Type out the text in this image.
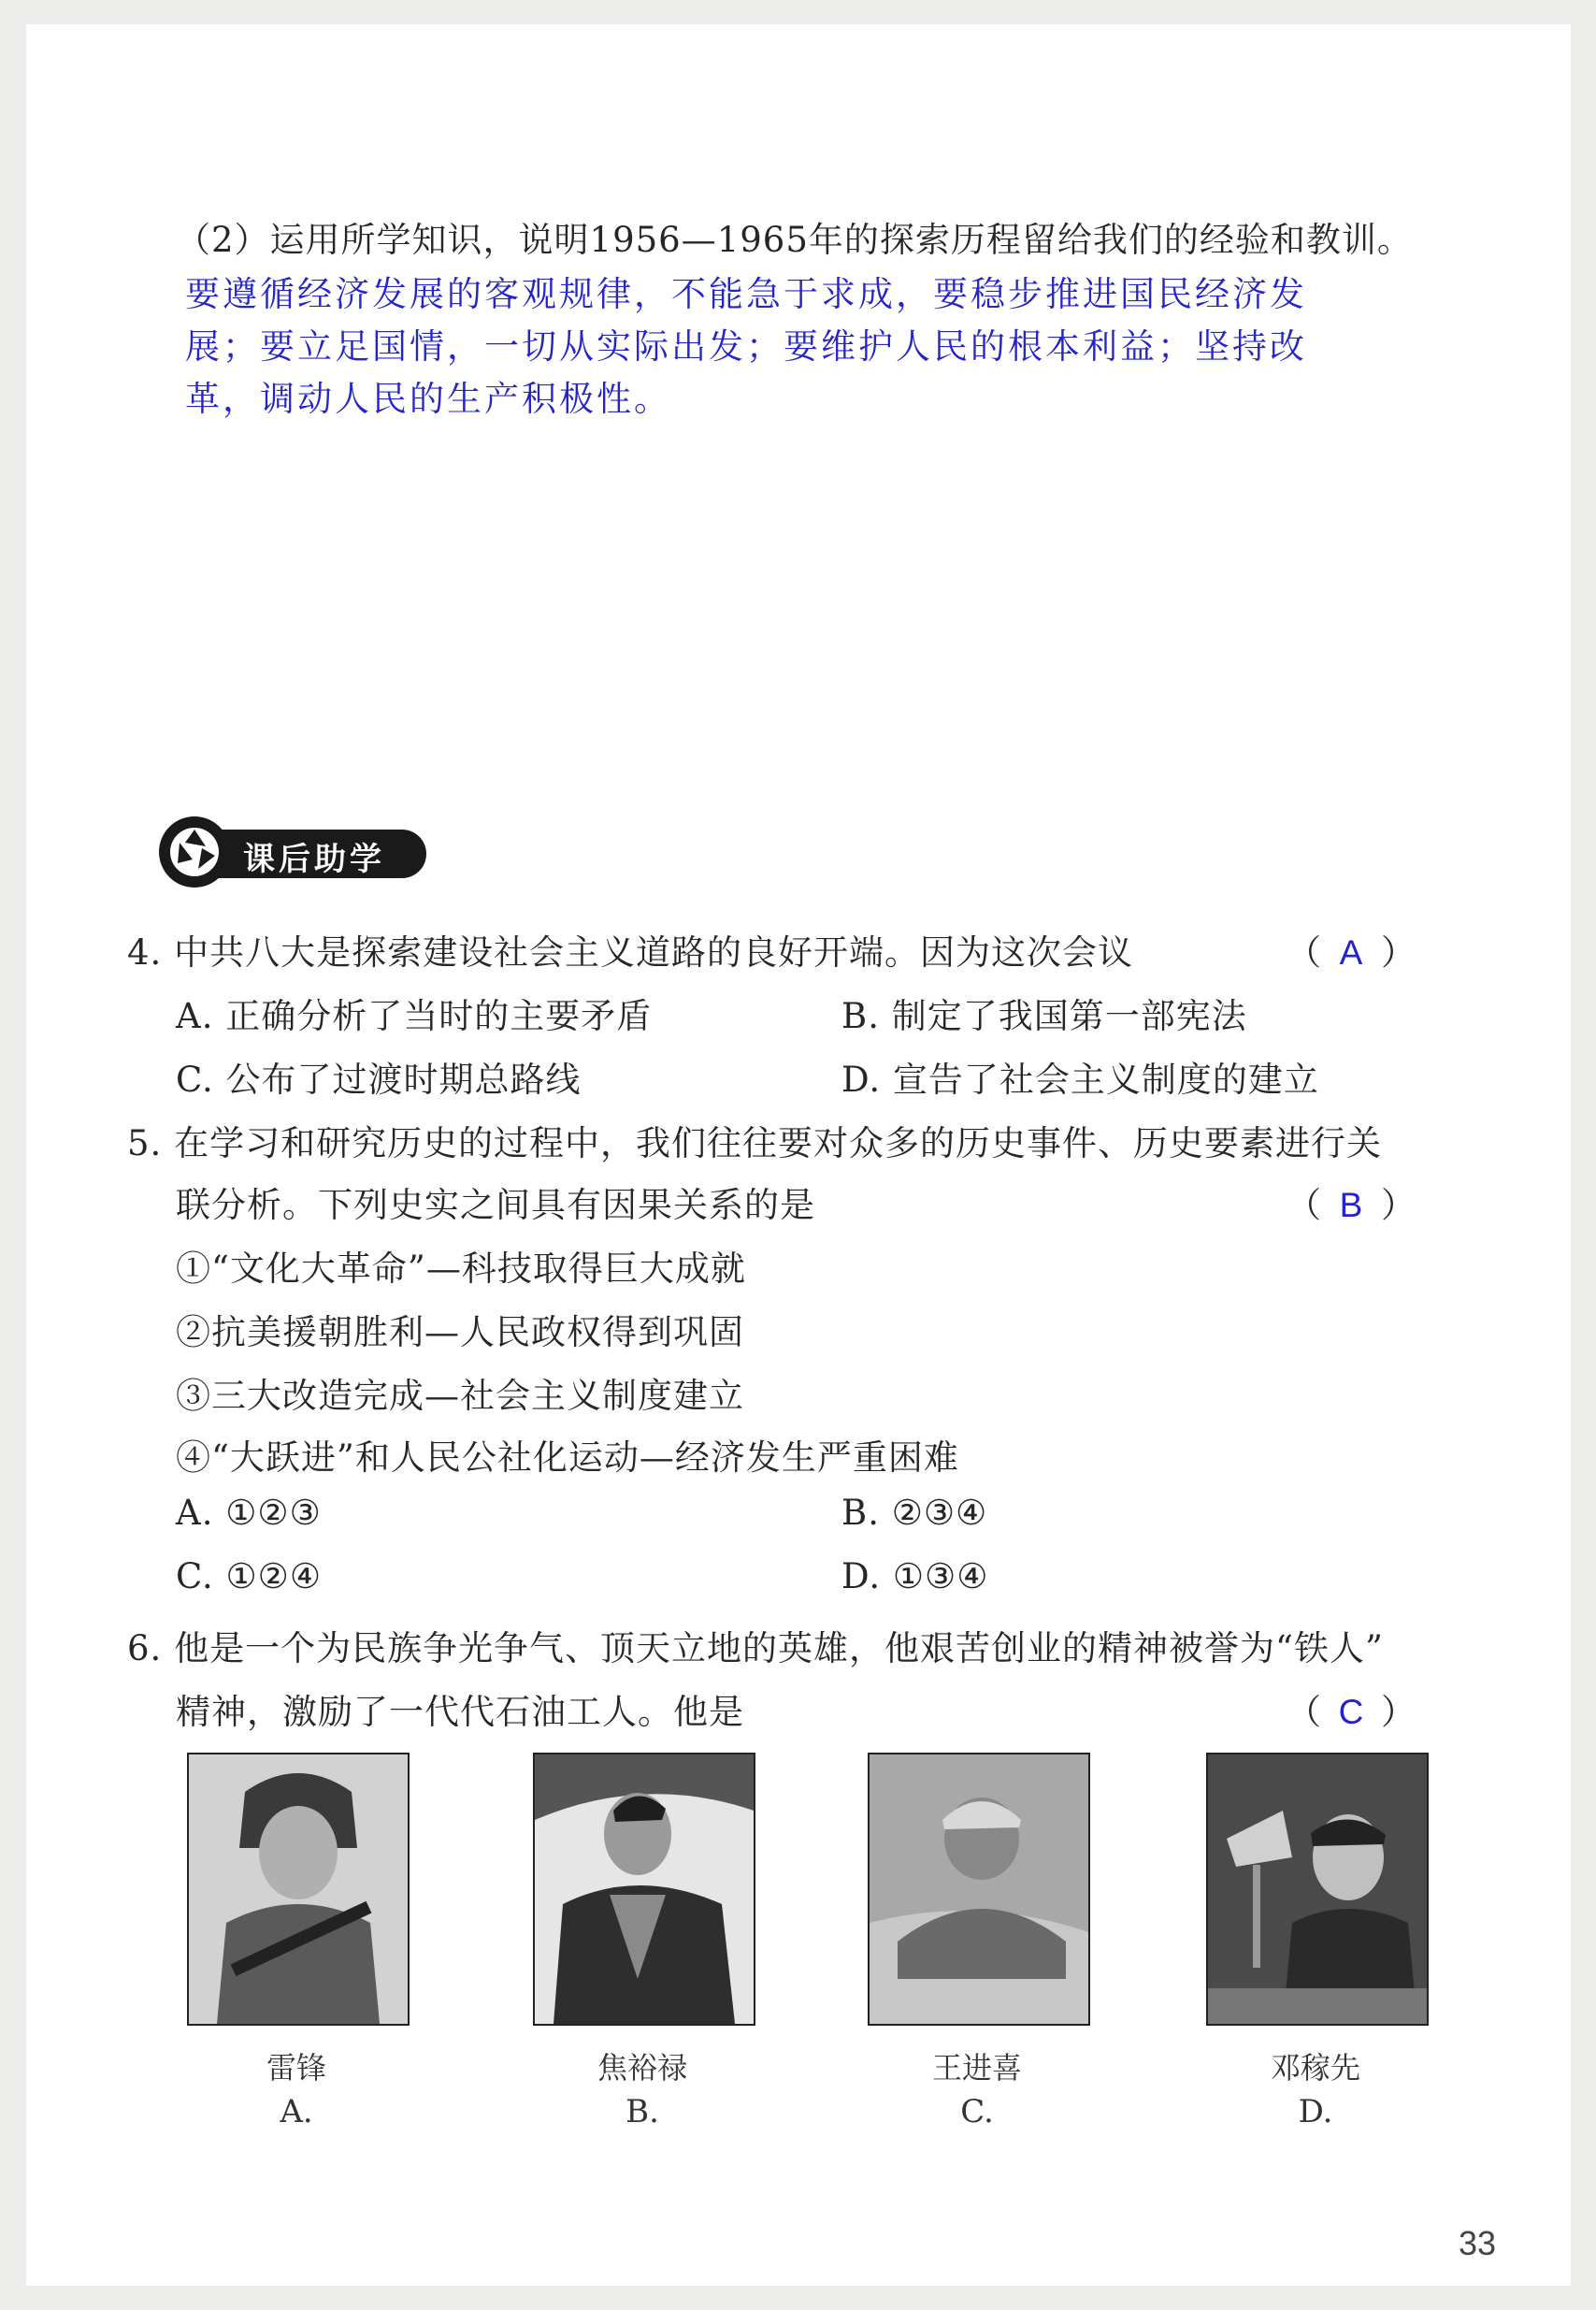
（2）运用所学知识，说明1956—1965年的探索历程留给我们的经验和教训。
要遵循经济发展的客观规律，不能急于求成，要稳步推进国民经济发
展；要立足国情，一切从实际出发；要维护人民的根本利益；坚持改
革，调动人民的生产积极性。
课后助学
4. 中共八大是探索建设社会主义道路的良好开端。因为这次会议	（ A ）
A. 正确分析了当时的主要矛盾	B. 制定了我国第一部宪法
C. 公布了过渡时期总路线	D. 宣告了社会主义制度的建立
5. 在学习和研究历史的过程中，我们往往要对众多的历史事件、历史要素进行关
联分析。下列史实之间具有因果关系的是	（ B ）
①“文化大革命”—科技取得巨大成就
②抗美援朝胜利—人民政权得到巩固
③三大改造完成—社会主义制度建立
④“大跃进”和人民公社化运动—经济发生严重困难
A. ①②③	B. ②③④
C. ①②④	D. ①③④
6. 他是一个为民族争光争气、顶天立地的英雄，他艰苦创业的精神被誉为“铁人”
精神，激励了一代代石油工人。他是	（ C ）
雷锋	焦裕禄	王进喜	邓稼先
A.	B.	C.	D.
33
